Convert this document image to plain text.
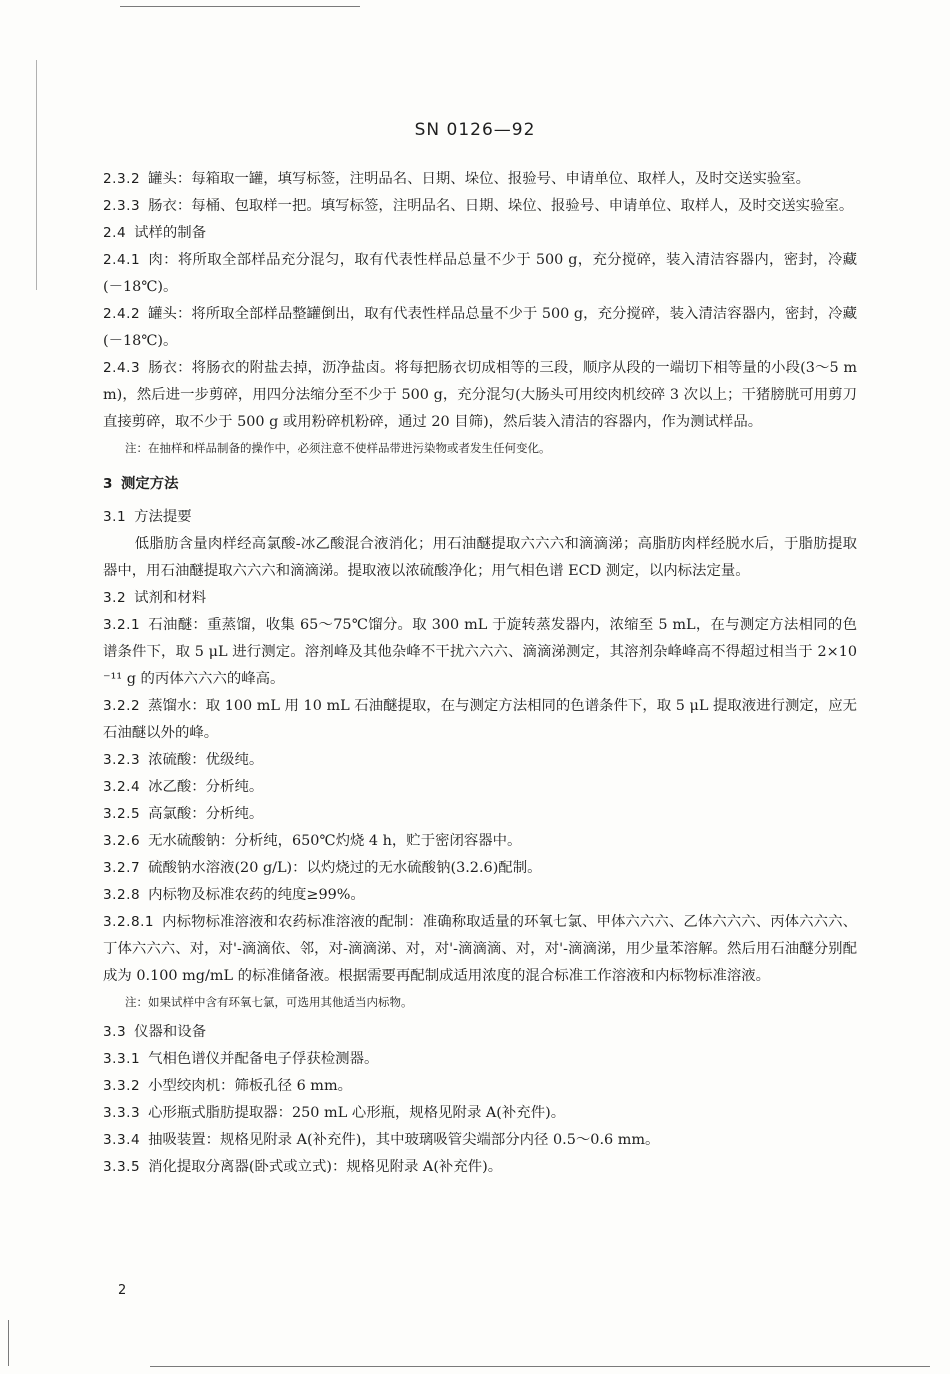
SN 0126—92

2.3.2 罐头：每箱取一罐，填写标签，注明品名、日期、垛位、报验号、申请单位、取样人，及时交送实验室。

2.3.3 肠衣：每桶、包取样一把。填写标签，注明品名、日期、垛位、报验号、申请单位、取样人，及时交送实验室。

2.4 试样的制备

2.4.1 肉：将所取全部样品充分混匀，取有代表性样品总量不少于 500 g，充分搅碎，装入清洁容器内，密封，冷藏(－18℃)。

2.4.2 罐头：将所取全部样品整罐倒出，取有代表性样品总量不少于 500 g，充分搅碎，装入清洁容器内，密封，冷藏(－18℃)。

2.4.3 肠衣：将肠衣的附盐去掉，沥净盐卤。将每把肠衣切成相等的三段，顺序从段的一端切下相等量的小段(3～5 mm)，然后进一步剪碎，用四分法缩分至不少于 500 g，充分混匀(大肠头可用绞肉机绞碎 3 次以上；干猪膀胱可用剪刀直接剪碎，取不少于 500 g 或用粉碎机粉碎，通过 20 目筛)，然后装入清洁的容器内，作为测试样品。

注：在抽样和样品制备的操作中，必须注意不使样品带进污染物或者发生任何变化。

3 测定方法

3.1 方法提要

低脂肪含量肉样经高氯酸-冰乙酸混合液消化；用石油醚提取六六六和滴滴涕；高脂肪肉样经脱水后，于脂肪提取器中，用石油醚提取六六六和滴滴涕。提取液以浓硫酸净化；用气相色谱 ECD 测定，以内标法定量。

3.2 试剂和材料

3.2.1 石油醚：重蒸馏，收集 65～75℃馏分。取 300 mL 于旋转蒸发器内，浓缩至 5 mL，在与测定方法相同的色谱条件下，取 5 μL 进行测定。溶剂峰及其他杂峰不干扰六六六、滴滴涕测定，其溶剂杂峰峰高不得超过相当于 2×10⁻¹¹ g 的丙体六六六的峰高。

3.2.2 蒸馏水：取 100 mL 用 10 mL 石油醚提取，在与测定方法相同的色谱条件下，取 5 μL 提取液进行测定，应无石油醚以外的峰。

3.2.3 浓硫酸：优级纯。

3.2.4 冰乙酸：分析纯。

3.2.5 高氯酸：分析纯。

3.2.6 无水硫酸钠：分析纯，650℃灼烧 4 h，贮于密闭容器中。

3.2.7 硫酸钠水溶液(20 g/L)：以灼烧过的无水硫酸钠(3.2.6)配制。

3.2.8 内标物及标准农药的纯度≥99%。

3.2.8.1 内标物标准溶液和农药标准溶液的配制：准确称取适量的环氧七氯、甲体六六六、乙体六六六、丙体六六六、丁体六六六、对，对'-滴滴依、邻，对-滴滴涕、对，对'-滴滴滴、对，对'-滴滴涕，用少量苯溶解。然后用石油醚分别配成为 0.100 mg/mL 的标准储备液。根据需要再配制成适用浓度的混合标准工作溶液和内标物标准溶液。

注：如果试样中含有环氧七氯，可选用其他适当内标物。

3.3 仪器和设备

3.3.1 气相色谱仪并配备电子俘获检测器。

3.3.2 小型绞肉机：筛板孔径 6 mm。

3.3.3 心形瓶式脂肪提取器：250 mL 心形瓶，规格见附录 A(补充件)。

3.3.4 抽吸装置：规格见附录 A(补充件)，其中玻璃吸管尖端部分内径 0.5～0.6 mm。

3.3.5 消化提取分离器(卧式或立式)：规格见附录 A(补充件)。

2
